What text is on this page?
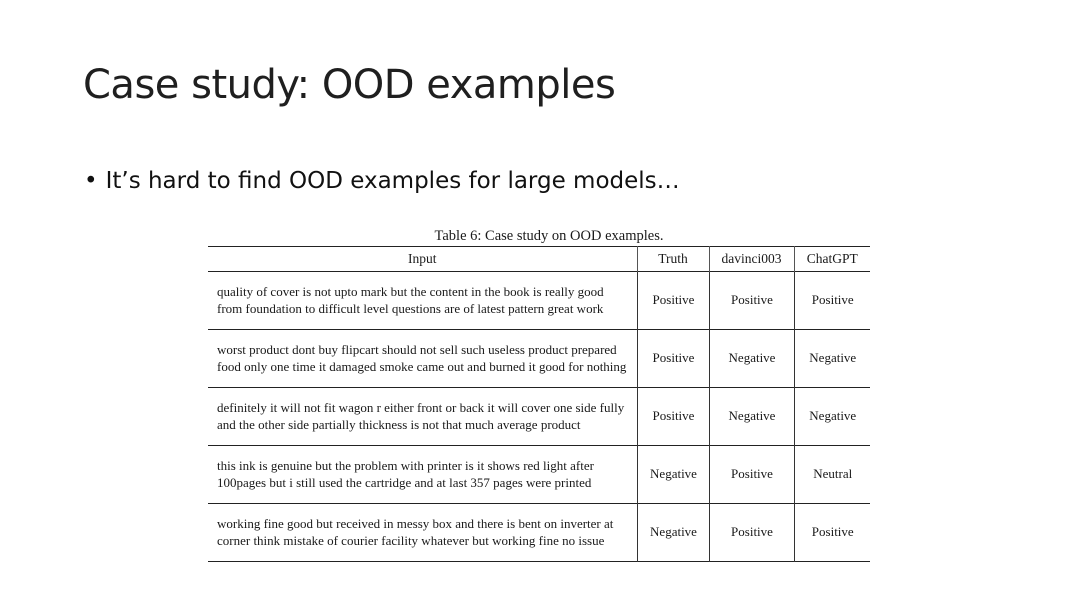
Case study: OOD examples
• It’s hard to find OOD examples for large models…
Table 6: Case study on OOD examples.
Input	Truth	davinci003	ChatGPT
quality of cover is not upto mark but the content in the book is really good from foundation to difficult level questions are of latest pattern great work	Positive	Positive	Positive
worst product dont buy flipcart should not sell such useless product prepared food only one time it damaged smoke came out and burned it good for nothing	Positive	Negative	Negative
definitely it will not fit wagon r either front or back it will cover one side fully and the other side partially thickness is not that much average product	Positive	Negative	Negative
this ink is genuine but the problem with printer is it shows red light after 100pages but i still used the cartridge and at last 357 pages were printed	Negative	Positive	Neutral
working fine good but received in messy box and there is bent on inverter at corner think mistake of courier facility whatever but working fine no issue	Negative	Positive	Positive
